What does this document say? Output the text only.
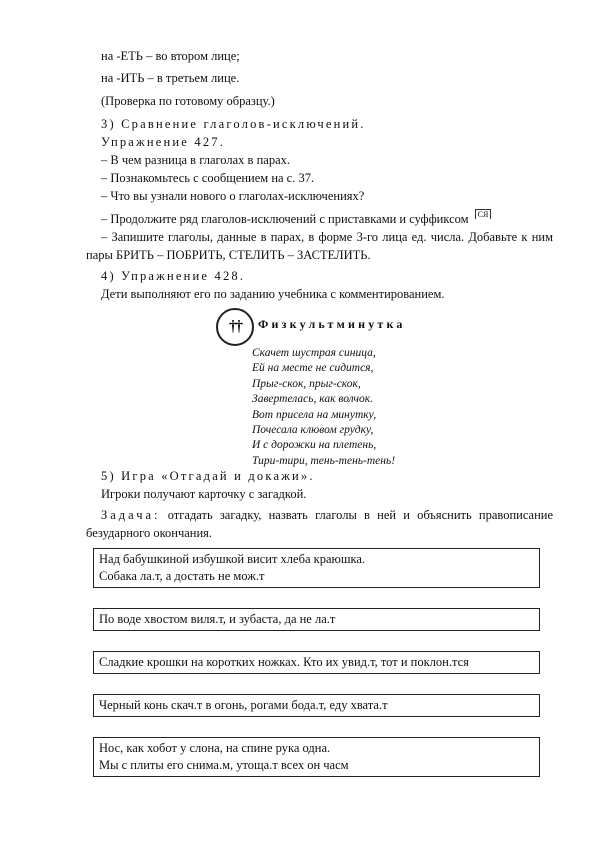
на -ЕТЬ – во втором лице;
на -ИТЬ – в третьем лице.
(Проверка по готовому образцу.)
3) Сравнение глаголов-исключений.
Упражнение 427.
– В чем разница в глаголах в парах.
– Познакомьтесь с сообщением на с. 37.
– Что вы узнали нового о глаголах-исключениях?
– Продолжите ряд глаголов-исключений с приставками и суффиксом СЯ
– Запишите глаголы, данные в парах, в форме 3-го лица ед. числа. Добавьте к ним пары БРИТЬ – ПОБРИТЬ, СТЕЛИТЬ – ЗАСТЕЛИТЬ.
4) Упражнение 428.
Дети выполняют его по заданию учебника с комментированием.
††	Физкультминутка
Скачет шустрая синица,
Ей на месте не сидится,
Прыг-скок, прыг-скок,
Завертелась, как волчок.
Вот присела на минутку,
Почесала клювом грудку,
И с дорожки на плетень,
Тири-тири, тень-тень-тень!
5) Игра «Отгадай и докажи».
Игроки получают карточку с загадкой.
Задача: отгадать загадку, назвать глаголы в ней и объяснить правописание безударного окончания.
Над бабушкиной избушкой висит хлеба краюшка.
Собака ла.т, а достать не мож.т
По воде хвостом виля.т, и зубаста, да не ла.т
Сладкие крошки на коротких ножках. Кто их увид.т, тот и поклон.тся
Черный конь скач.т в огонь, рогами бода.т, еду хвата.т
Нос, как хобот у слона, на спине рука одна.
Мы с плиты его снима.м, утоща.т всех он часм
